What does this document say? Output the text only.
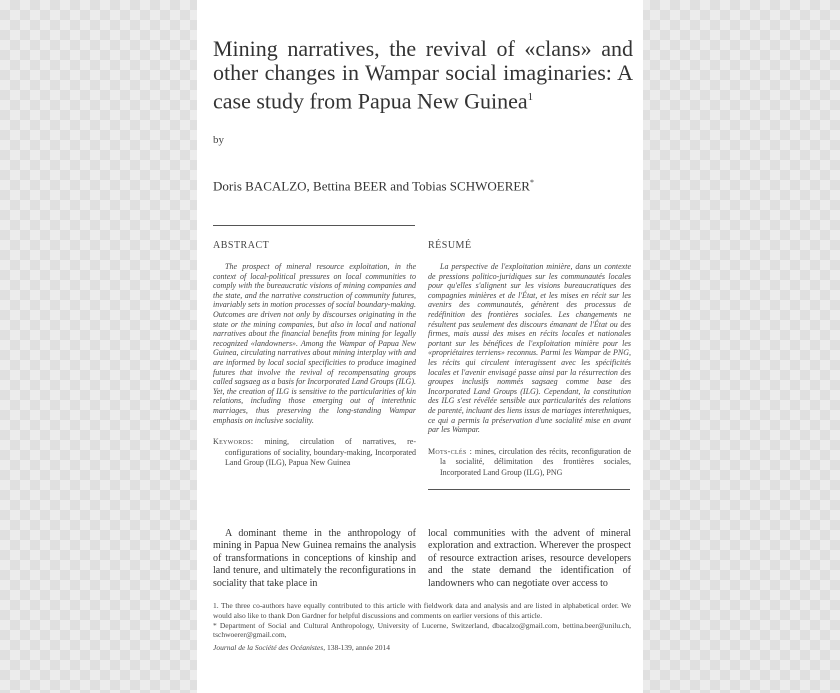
Mining narratives, the revival of «clans» and other changes in Wampar social imaginaries: A case study from Papua New Guinea$^1$
by
Doris BACALZO, Bettina BEER and Tobias SCHWOERER*
ABSTRACT

The prospect of mineral resource exploitation, in the context of local-political pressures on local communities to comply with the bureaucratic visions of mining companies and the state, and the narrative construction of community futures, invariably sets in motion processes of social boundary-making. Outcomes are driven not only by discourses originating in the state or the mining companies, but also in local and national narratives about the financial benefits from mining for legally recognized «landowners». Among the Wampar of Papua New Guinea, circulating narratives about mining interplay with and are informed by local social specificities to produce imagined futures that involve the revival of recompensating groups called sagsaeg as a basis for Incorporated Land Groups (ILG). Yet, the creation of ILG is sensitive to the particularities of kin relations, including those emerging out of interethnic marriages, thus preserving the long-standing Wampar emphasis on inclusive sociality.

Keywords: mining, circulation of narratives, re-configurations of sociality, boundary-making, Incorporated Land Group (ILG), Papua New Guinea

RÉSUMÉ

La perspective de l'exploitation minière, dans un contexte de pressions politico-juridiques sur les communautés locales pour qu'elles s'alignent sur les visions bureaucratiques des compagnies minières et de l'État, et les mises en récit sur les avenirs des communautés, génèrent des processus de redéfinition des frontières sociales. Les changements ne résultent pas seulement des discours émanant de l'État ou des firmes, mais aussi des mises en récits locales et nationales portant sur les bénéfices de l'exploitation minière pour les «propriétaires terriens» reconnus. Parmi les Wampar de PNG, les récits qui circulent interagissent avec les spécificités locales et l'avenir envisagé passe ainsi par la résurrection des groupes inclusifs nommés sagsaeg comme base des Incorporated Land Groups (ILG). Cependant, la constitution des ILG s'est révélée sensible aux particularités des relations de parenté, incluant des liens issus de mariages interethniques, ce qui a permis la préservation d'une socialité mise en avant par les Wampar.

Mots-clés : mines, circulation des récits, reconfiguration de la socialité, délimitation des frontières sociales, Incorporated Land Group (ILG), PNG

A dominant theme in the anthropology of mining in Papua New Guinea remains the analysis of transformations in conceptions of kinship and land tenure, and ultimately the reconfigurations in sociality that take place in

local communities with the advent of mineral exploration and extraction. Wherever the prospect of resource extraction arises, resource developers and the state demand the identification of landowners who can negotiate over access to

1. The three co-authors have equally contributed to this article with fieldwork data and analysis and are listed in alphabetical order. We would also like to thank Don Gardner for helpful discussions and comments on earlier versions of this article.

* Department of Social and Cultural Anthropology, University of Lucerne, Switzerland, dbacalzo@gmail.com, bettina.beer@unilu.ch, tschwoerer@gmail.com,

Journal de la Société des Océanistes, 138-139, année 2014
